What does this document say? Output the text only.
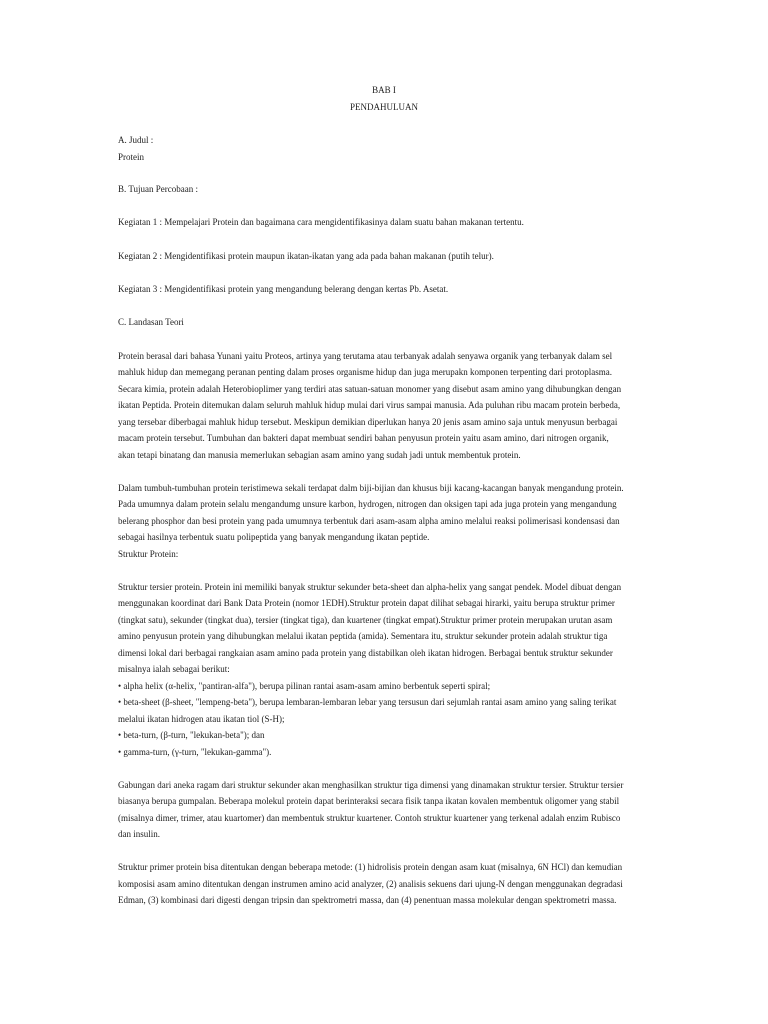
BAB I
PENDAHULUAN
A. Judul :
Protein
B. Tujuan Percobaan :
Kegiatan 1 : Mempelajari Protein dan bagaimana cara mengidentifikasinya dalam suatu bahan makanan tertentu.
Kegiatan 2 : Mengidentifikasi protein maupun ikatan-ikatan yang ada pada bahan makanan (putih telur).
Kegiatan 3 : Mengidentifikasi protein yang mengandung belerang dengan kertas Pb. Asetat.
C. Landasan Teori
Protein berasal dari bahasa Yunani yaitu Proteos, artinya yang terutama atau terbanyak adalah senyawa organik yang terbanyak dalam sel
mahluk hidup dan memegang peranan penting dalam proses organisme hidup dan juga merupakn komponen terpenting dari protoplasma.
Secara kimia, protein adalah Heterobioplimer yang terdiri atas satuan-satuan monomer yang disebut asam amino yang dihubungkan dengan
ikatan Peptida. Protein ditemukan dalam seluruh mahluk hidup mulai dari virus sampai manusia. Ada puluhan ribu macam protein berbeda,
yang tersebar diberbagai mahluk hidup tersebut. Meskipun demikian diperlukan hanya 20 jenis asam amino saja untuk menyusun berbagai
macam protein tersebut. Tumbuhan dan bakteri dapat membuat sendiri bahan penyusun protein yaitu asam amino, dari nitrogen organik,
akan tetapi binatang dan manusia memerlukan sebagian asam amino yang sudah jadi untuk membentuk protein.
Dalam tumbuh-tumbuhan protein teristimewa sekali terdapat dalm biji-bijian dan khusus biji kacang-kacangan banyak mengandung protein.
Pada umumnya dalam protein selalu mengandumg unsure karbon, hydrogen, nitrogen dan oksigen tapi ada juga protein yang mengandung
belerang phosphor dan besi protein yang pada umumnya terbentuk dari asam-asam alpha amino melalui reaksi polimerisasi kondensasi dan
sebagai hasilnya terbentuk suatu polipeptida yang banyak mengandung ikatan peptide.
Struktur Protein:
Struktur tersier protein. Protein ini memiliki banyak struktur sekunder beta-sheet dan alpha-helix yang sangat pendek. Model dibuat dengan
menggunakan koordinat dari Bank Data Protein (nomor 1EDH).Struktur protein dapat dilihat sebagai hirarki, yaitu berupa struktur primer
(tingkat satu), sekunder (tingkat dua), tersier (tingkat tiga), dan kuartener (tingkat empat).Struktur primer protein merupakan urutan asam
amino penyusun protein yang dihubungkan melalui ikatan peptida (amida). Sementara itu, struktur sekunder protein adalah struktur tiga
dimensi lokal dari berbagai rangkaian asam amino pada protein yang distabilkan oleh ikatan hidrogen. Berbagai bentuk struktur sekunder
misalnya ialah sebagai berikut:
• alpha helix (α-helix, "pantiran-alfa"), berupa pilinan rantai asam-asam amino berbentuk seperti spiral;
• beta-sheet (β-sheet, "lempeng-beta"), berupa lembaran-lembaran lebar yang tersusun dari sejumlah rantai asam amino yang saling terikat
melalui ikatan hidrogen atau ikatan tiol (S-H);
• beta-turn, (β-turn, "lekukan-beta"); dan
• gamma-turn, (γ-turn, "lekukan-gamma").
Gabungan dari aneka ragam dari struktur sekunder akan menghasilkan struktur tiga dimensi yang dinamakan struktur tersier. Struktur tersier
biasanya berupa gumpalan. Beberapa molekul protein dapat berinteraksi secara fisik tanpa ikatan kovalen membentuk oligomer yang stabil
(misalnya dimer, trimer, atau kuartomer) dan membentuk struktur kuartener. Contoh struktur kuartener yang terkenal adalah enzim Rubisco
dan insulin.
Struktur primer protein bisa ditentukan dengan beberapa metode: (1) hidrolisis protein dengan asam kuat (misalnya, 6N HCl) dan kemudian
komposisi asam amino ditentukan dengan instrumen amino acid analyzer, (2) analisis sekuens dari ujung-N dengan menggunakan degradasi
Edman, (3) kombinasi dari digesti dengan tripsin dan spektrometri massa, dan (4) penentuan massa molekular dengan spektrometri massa.
